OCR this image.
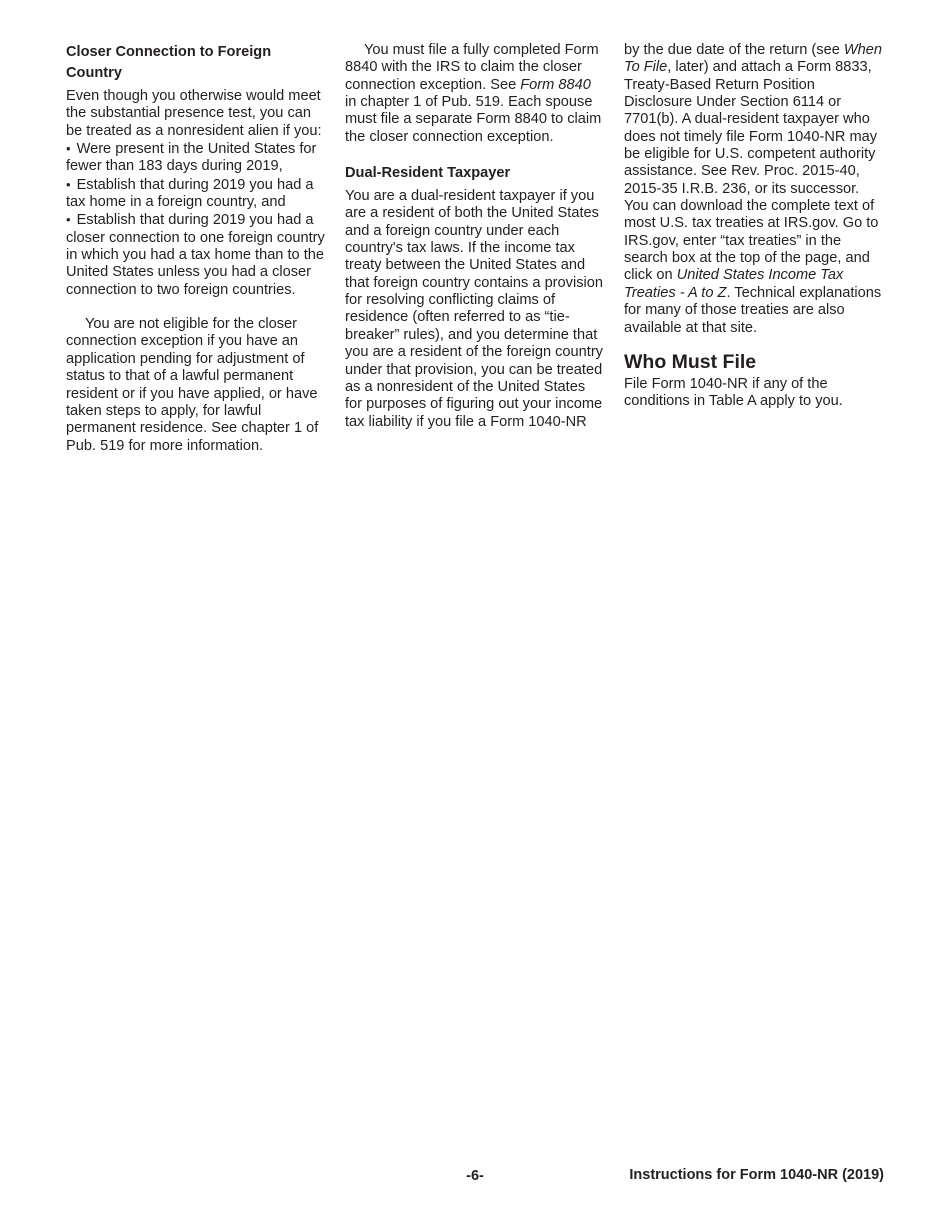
Closer Connection to Foreign Country

Even though you otherwise would meet the substantial presence test, you can be treated as a nonresident alien if you:

• Were present in the United States for fewer than 183 days during 2019,

• Establish that during 2019 you had a tax home in a foreign country, and

• Establish that during 2019 you had a closer connection to one foreign country in which you had a tax home than to the United States unless you had a closer connection to two foreign countries.

You are not eligible for the closer connection exception if you have an application pending for adjustment of status to that of a lawful permanent resident or if you have applied, or have taken steps to apply, for lawful permanent residence. See chapter 1 of Pub. 519 for more information.

You must file a fully completed Form 8840 with the IRS to claim the closer connection exception. See Form 8840 in chapter 1 of Pub. 519. Each spouse must file a separate Form 8840 to claim the closer connection exception.

Dual-Resident Taxpayer

You are a dual-resident taxpayer if you are a resident of both the United States and a foreign country under each country's tax laws. If the income tax treaty between the United States and that foreign country contains a provision for resolving conflicting claims of residence (often referred to as “tie-breaker” rules), and you determine that you are a resident of the foreign country under that provision, you can be treated as a nonresident of the United States for purposes of figuring out your income tax liability if you file a Form 1040-NR

by the due date of the return (see When To File, later) and attach a Form 8833, Treaty-Based Return Position Disclosure Under Section 6114 or 7701(b). A dual-resident taxpayer who does not timely file Form 1040-NR may be eligible for U.S. competent authority assistance. See Rev. Proc. 2015-40, 2015-35 I.R.B. 236, or its successor. You can download the complete text of most U.S. tax treaties at IRS.gov. Go to IRS.gov, enter “tax treaties” in the search box at the top of the page, and click on United States Income Tax Treaties - A to Z. Technical explanations for many of those treaties are also available at that site.

Who Must File

File Form 1040-NR if any of the conditions in Table A apply to you.

-6-	Instructions for Form 1040-NR (2019)
